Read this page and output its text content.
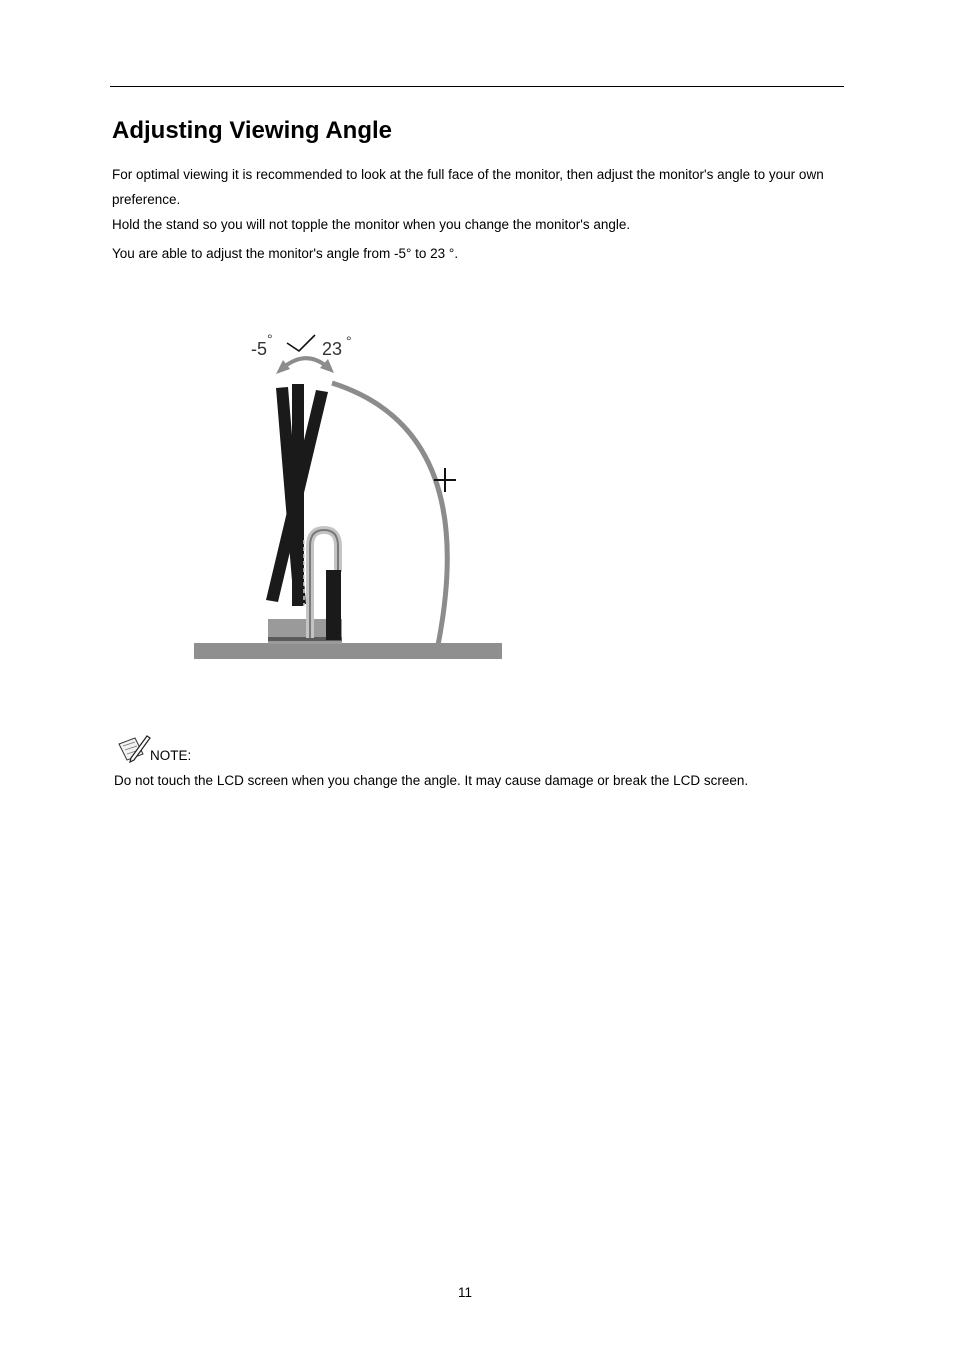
Adjusting Viewing Angle

For optimal viewing it is recommended to look at the full face of the monitor, then adjust the monitor's angle to your own preference.

Hold the stand so you will not topple the monitor when you change the monitor's angle.

You are able to adjust the monitor's angle from -5° to 23 °.

-5 °	23 °
NOTE:

Do not touch the LCD screen when you change the angle. It may cause damage or break the LCD screen.

11
